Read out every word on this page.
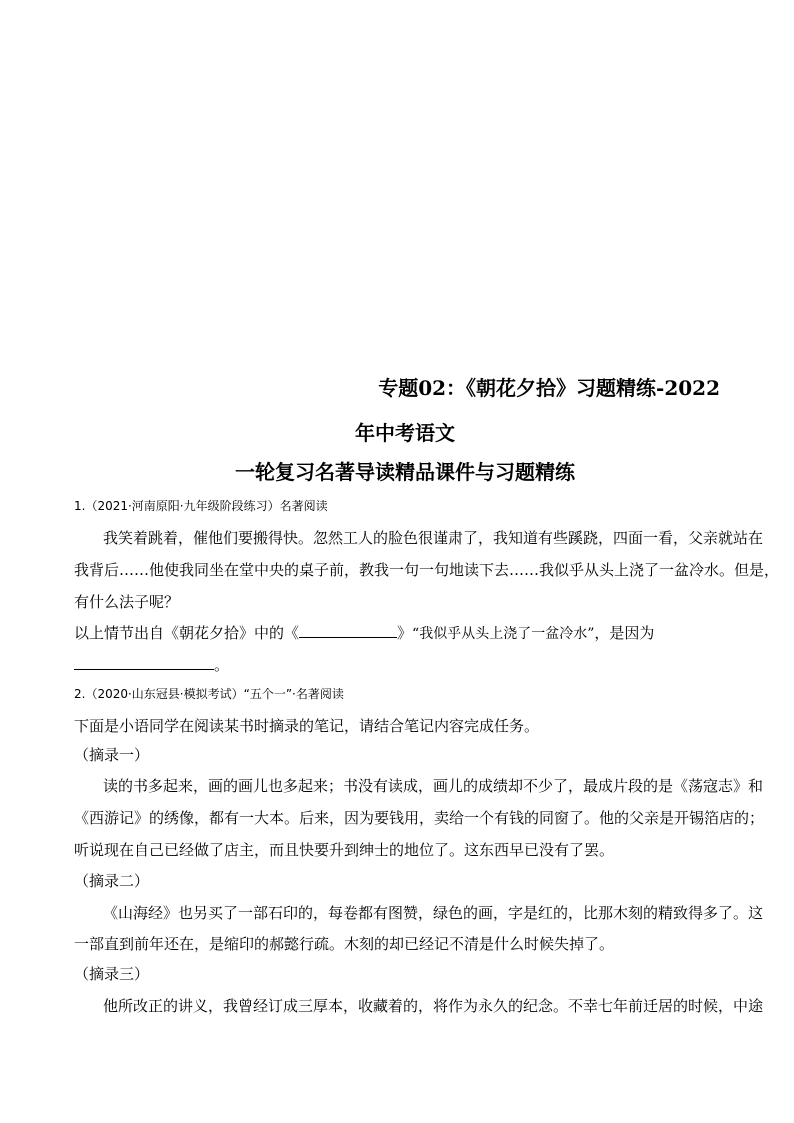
专题02：《朝花夕拾》习题精练-2022
年中考语文
一轮复习名著导读精品课件与习题精练
1.（2021·河南原阳·九年级阶段练习）名著阅读
我笑着跳着，催他们要搬得快。忽然工人的脸色很谨肃了，我知道有些蹊跷，四面一看，父亲就站在
我背后……他使我同坐在堂中央的桌子前，教我一句一句地读下去……我似乎从头上浇了一盆冷水。但是，
有什么法子呢？
以上情节出自《朝花夕拾》中的《	》“我似乎从头上浇了一盆冷水”，是因为
。
2.（2020·山东冠县·模拟考试）“五个一”·名著阅读
下面是小语同学在阅读某书时摘录的笔记，请结合笔记内容完成任务。
（摘录一）
读的书多起来，画的画儿也多起来；书没有读成，画儿的成绩却不少了，最成片段的是《荡寇志》和
《西游记》的绣像，都有一大本。后来，因为要钱用，卖给一个有钱的同窗了。他的父亲是开锡箔店的；
听说现在自己已经做了店主，而且快要升到绅士的地位了。这东西早已没有了罢。
（摘录二）
《山海经》也另买了一部石印的，每卷都有图赞，绿色的画，字是红的，比那木刻的精致得多了。这
一部直到前年还在，是缩印的郝懿行疏。木刻的却已经记不清是什么时候失掉了。
（摘录三）
他所改正的讲义，我曾经订成三厚本，收藏着的，将作为永久的纪念。不幸七年前迁居的时候，中途
